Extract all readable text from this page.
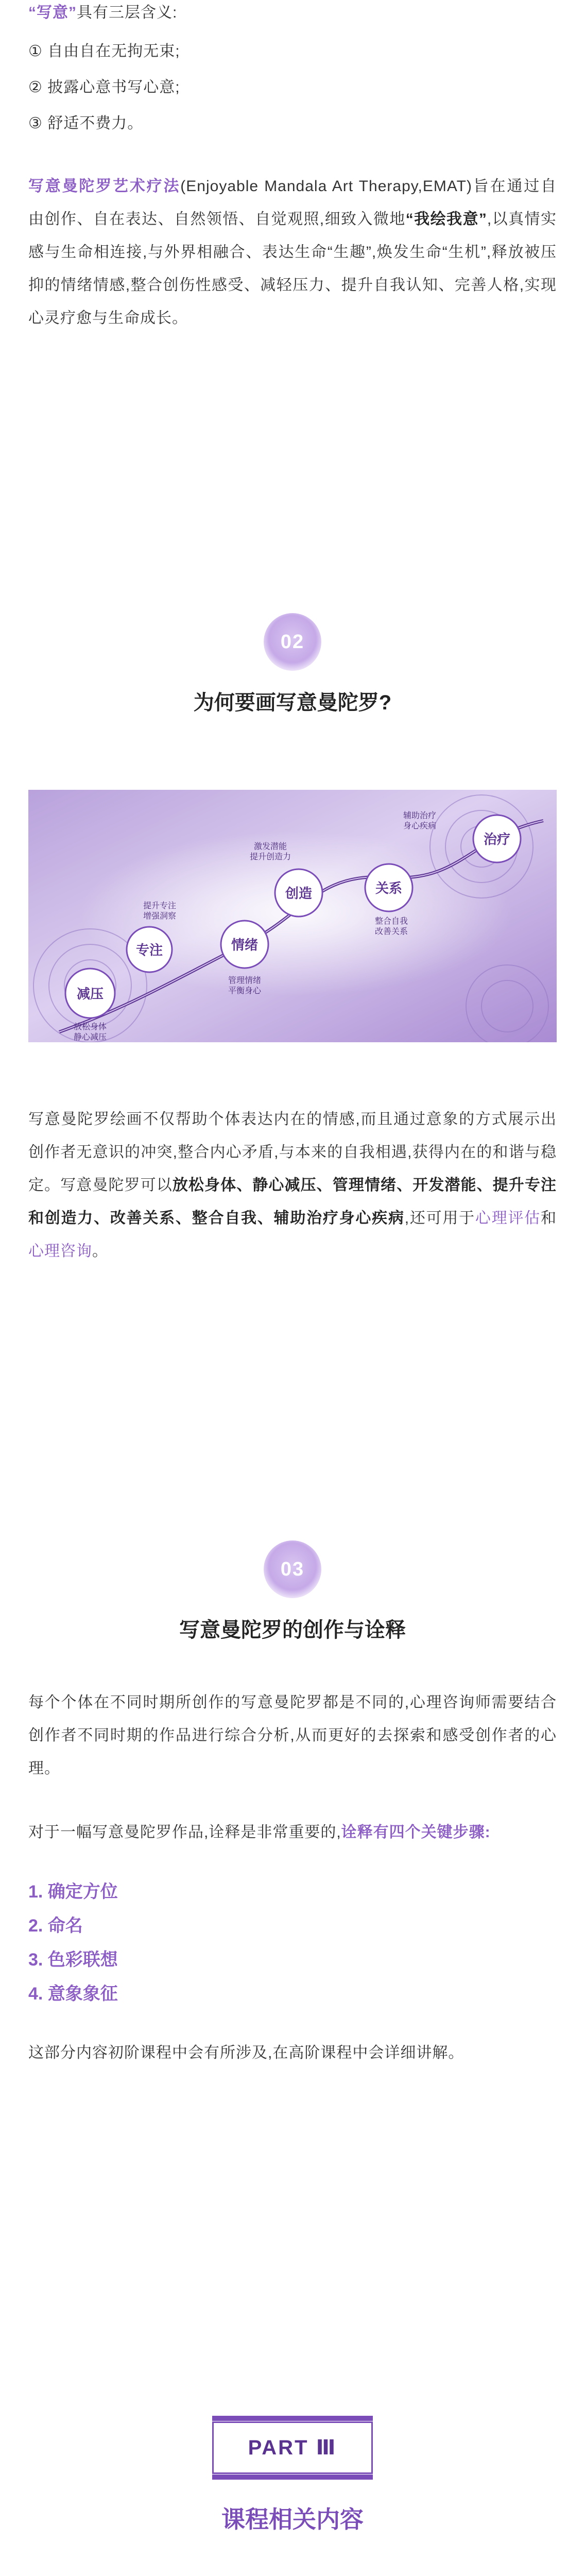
“写意”具有三层含义:

① 自由自在无拘无束;

② 披露心意书写心意;

③ 舒适不费力。

写意曼陀罗艺术疗法(Enjoyable Mandala Art Therapy,EMAT)旨在通过自由创作、自在表达、自然领悟、自觉观照,细致入微地“我绘我意”,以真情实感与生命相连接,与外界相融合、表达生命“生趣”,焕发生命“生机”,释放被压抑的情绪情感,整合创伤性感受、减轻压力、提升自我认知、完善人格,实现心灵疗愈与生命成长。

02

为何要画写意曼陀罗?

减压
放松身体静心减压
专注
提升专注增强洞察
情绪
管理情绪平衡身心
创造
激发潜能提升创造力
关系
整合自我改善关系
治疗
辅助治疗身心疾病

写意曼陀罗绘画不仅帮助个体表达内在的情感,而且通过意象的方式展示出创作者无意识的冲突,整合内心矛盾,与本来的自我相遇,获得内在的和谐与稳定。写意曼陀罗可以放松身体、静心减压、管理情绪、开发潜能、提升专注和创造力、改善关系、整合自我、辅助治疗身心疾病,还可用于心理评估和心理咨询。

03

写意曼陀罗的创作与诠释

每个个体在不同时期所创作的写意曼陀罗都是不同的,心理咨询师需要结合创作者不同时期的作品进行综合分析,从而更好的去探索和感受创作者的心理。

对于一幅写意曼陀罗作品,诠释是非常重要的,诠释有四个关键步骤:

1. 确定方位

2. 命名

3. 色彩联想

4. 意象象征

这部分内容初阶课程中会有所涉及,在高阶课程中会详细讲解。

PART Ⅲ

课程相关内容
